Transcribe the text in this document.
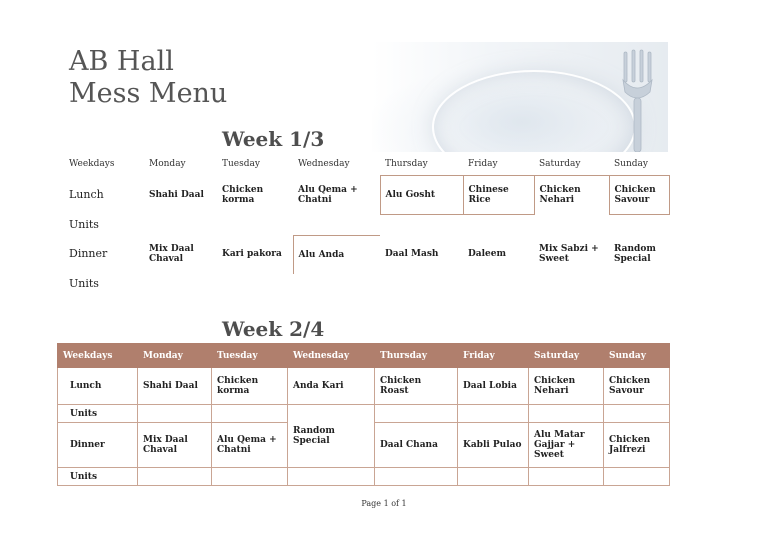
AB Hall
Mess Menu
Week 1/3
Weekdays	Monday	Tuesday	Wednesday	Thursday	Friday	Saturday	Sunday
Lunch	Shahi Daal	Chicken korma	Alu Qema + Chatni	Alu Gosht	Chinese Rice	Chicken Nehari	Chicken Savour
Units							
Dinner	Mix Daal Chaval	Kari pakora	Alu Anda	Daal Mash	Daleem	Mix Sabzi + Sweet	Random Special
Units							
Week 2/4
Weekdays	Monday	Tuesday	Wednesday	Thursday	Friday	Saturday	Sunday
Lunch	Shahi Daal	Chicken korma	Anda Kari	Chicken Roast	Daal Lobia	Chicken Nehari	Chicken Savour
Units			Random Special				
Dinner	Mix Daal Chaval	Alu Qema + Chatni		Daal Chana	Kabli Pulao	Alu Matar Gajjar + Sweet	Chicken Jalfrezi
Units							
Page 1 of 1
